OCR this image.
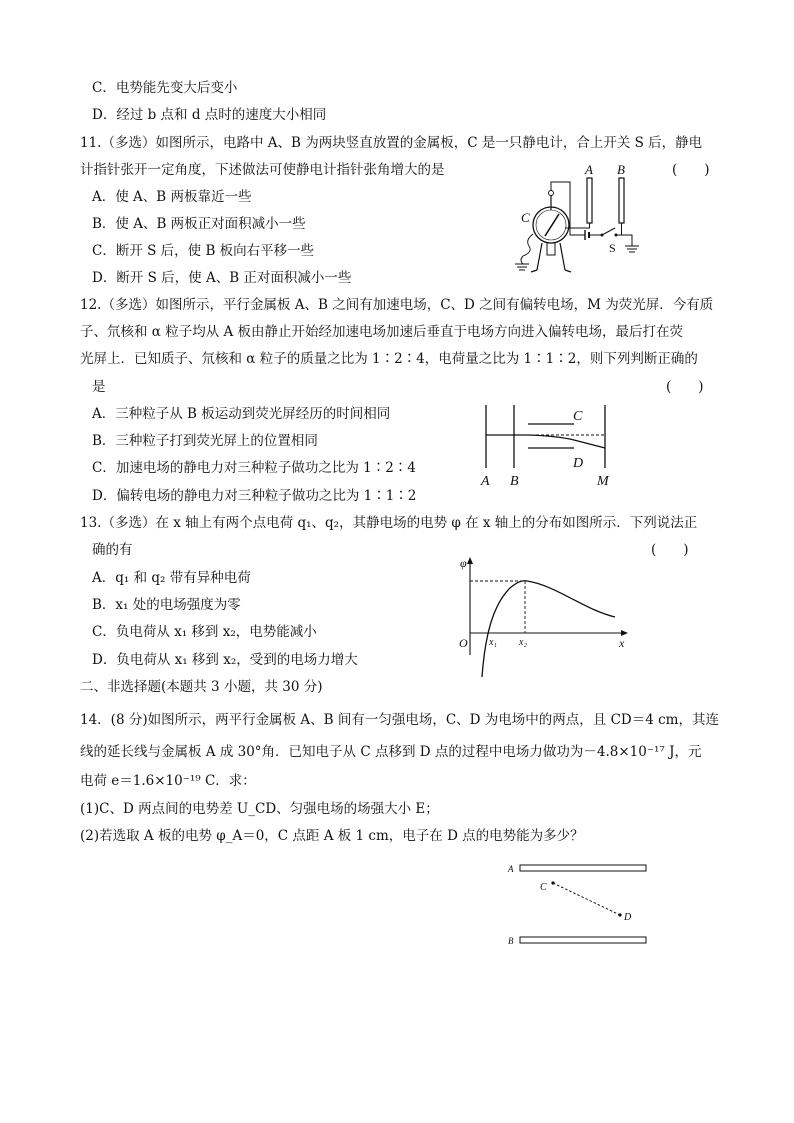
C．电势能先变大后变小
D．经过 b 点和 d 点时的速度大小相同
11.（多选）如图所示，电路中 A、B 为两块竖直放置的金属板，C 是一只静电计，合上开关 S 后，静电
计指针张开一定角度，下述做法可使静电计指针张角增大的是	(　　)
A．使 A、B 两板靠近一些
B．使 A、B 两板正对面积减小一些
C．断开 S 后，使 B 板向右平移一些
D．断开 S 后，使 A、B 正对面积减小一些
A B
S
C
12.（多选）如图所示，平行金属板 A、B 之间有加速电场，C、D 之间有偏转电场，M 为荧光屏．今有质
子、氘核和 α 粒子均从 A 板由静止开始经加速电场加速后垂直于电场方向进入偏转电场，最后打在荧
光屏上．已知质子、氘核和 α 粒子的质量之比为 1∶2∶4，电荷量之比为 1∶1∶2，则下列判断正确的
是	(　　)
A．三种粒子从 B 板运动到荧光屏经历的时间相同
B．三种粒子打到荧光屏上的位置相同
C．加速电场的静电力对三种粒子做功之比为 1∶2∶4
D．偏转电场的静电力对三种粒子做功之比为 1∶1∶2
C
D
A B	M
13.（多选）在 x 轴上有两个点电荷 q₁、q₂，其静电场的电势 φ 在 x 轴上的分布如图所示．下列说法正
确的有	(　　)
A．q₁ 和 q₂ 带有异种电荷
B．x₁ 处的电场强度为零
C．负电荷从 x₁ 移到 x₂，电势能减小
D．负电荷从 x₁ 移到 x₂，受到的电场力增大
φ
x
O x₁ x₂
二、非选择题(本题共 3 小题，共 30 分)
14．(8 分)如图所示，两平行金属板 A、B 间有一匀强电场，C、D 为电场中的两点，且 CD＝4 cm，其连
线的延长线与金属板 A 成 30°角．已知电子从 C 点移到 D 点的过程中电场力做功为－4.8×10⁻¹⁷ J，元
电荷 e＝1.6×10⁻¹⁹ C．求：
(1)C、D 两点间的电势差 U_CD、匀强电场的场强大小 E；
(2)若选取 A 板的电势 φ_A＝0，C 点距 A 板 1 cm，电子在 D 点的电势能为多少？
A
B
C
D
